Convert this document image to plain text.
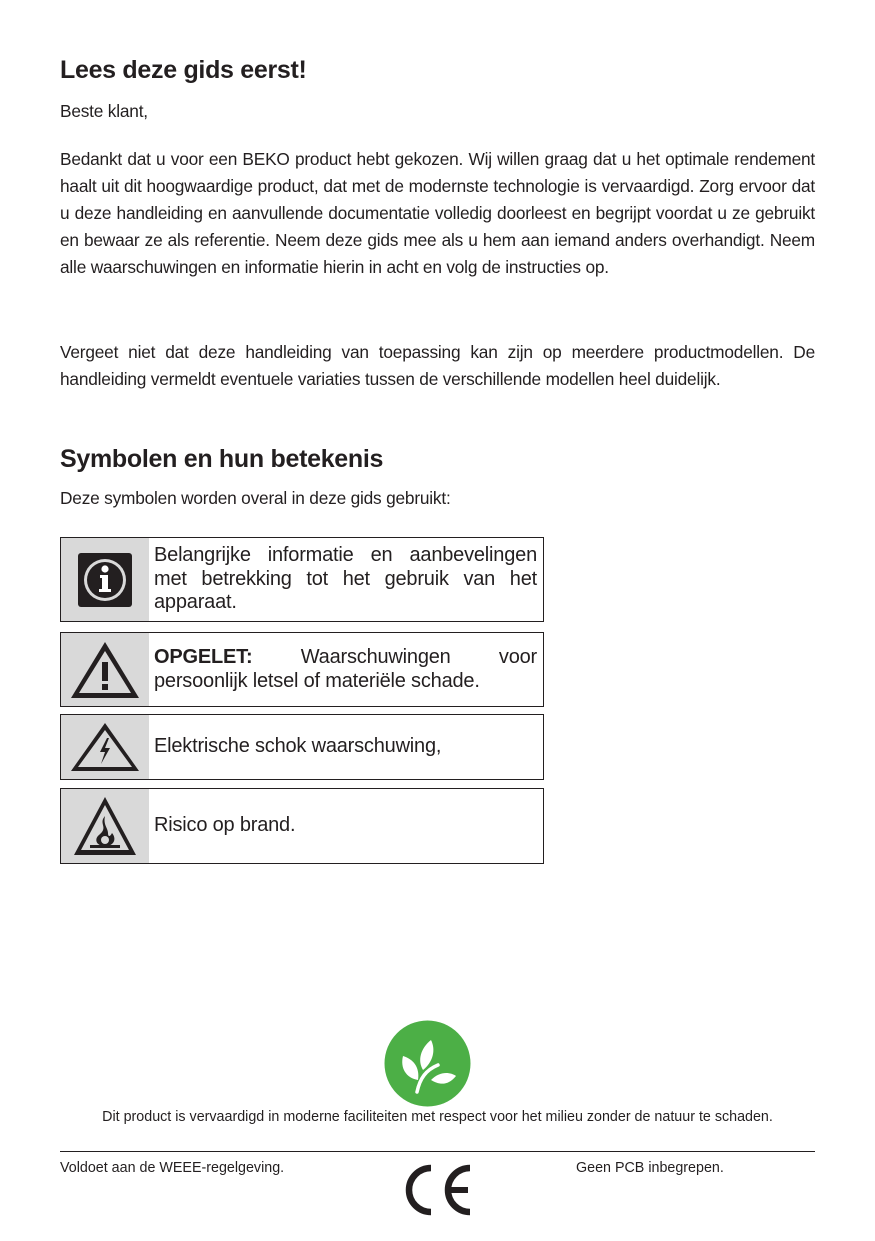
Lees deze gids eerst!

Beste klant,

Bedankt dat u voor een BEKO product hebt gekozen. Wij willen graag dat u het optimale rendement haalt uit dit hoogwaardige product, dat met de modernste technologie is vervaardigd. Zorg ervoor dat u deze handleiding en aanvullende documentatie volledig doorleest en begrijpt voordat u ze gebruikt en bewaar ze als referentie. Neem deze gids mee als u hem aan iemand anders overhandigt. Neem alle waarschuwingen en informatie hierin in acht en volg de instructies op.

Vergeet niet dat deze handleiding van toepassing kan zijn op meerdere productmodellen. De handleiding vermeldt eventuele variaties tussen de verschillende modellen heel duidelijk.

Symbolen en hun betekenis

Deze symbolen worden overal in deze gids gebruikt:

Belangrijke informatie en aanbevelingen met betrekking tot het gebruik van het apparaat.
OPGELET: Waarschuwingen voor persoonlijk letsel of materiële schade.
Elektrische schok waarschuwing,
Risico op brand.
Dit product is vervaardigd in moderne faciliteiten met respect voor het milieu zonder de natuur te schaden.
Voldoet aan de WEEE-regelgeving.	Geen PCB inbegrepen.
